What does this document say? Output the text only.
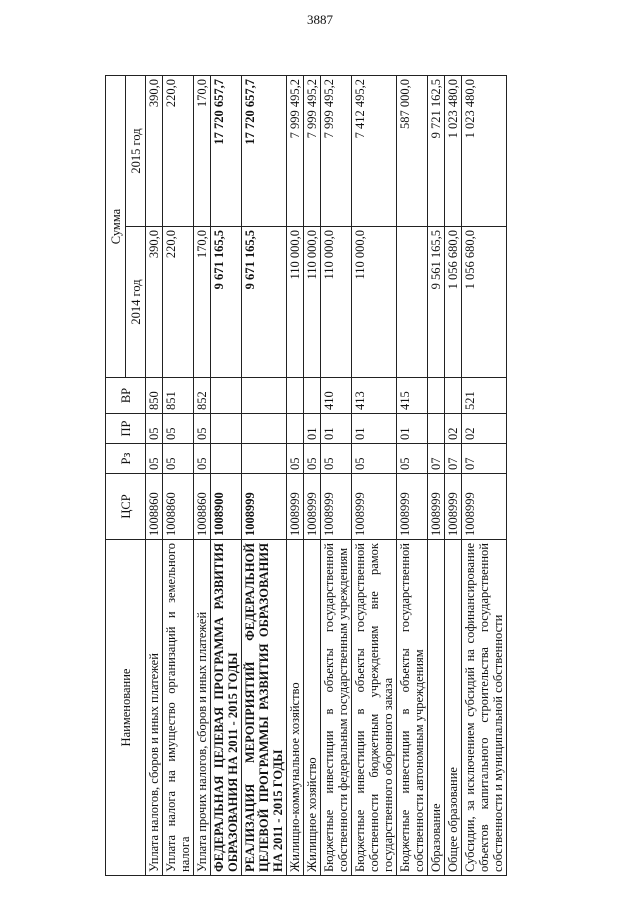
3887
Наименование	ЦСР	Рз	ПР	ВР	Сумма	
					2014 год	2015 год
Уплата налогов, сборов и иных платежей	1008860	05	05	850	390,0	390,0
Уплата налога на имущество организаций и земельного налога	1008860	05	05	851	220,0	220,0
Уплата прочих налогов, сборов и иных платежей	1008860	05	05	852	170,0	170,0
ФЕДЕРАЛЬНАЯ ЦЕЛЕВАЯ ПРОГРАММА РАЗВИТИЯ ОБРАЗОВАНИЯ НА 2011 - 2015 ГОДЫ	1008900				9 671 165,5	17 720 657,7
РЕАЛИЗАЦИЯ МЕРОПРИЯТИЙ ФЕДЕРАЛЬНОЙ ЦЕЛЕВОЙ ПРОГРАММЫ РАЗВИТИЯ ОБРАЗОВАНИЯ НА 2011 - 2015 ГОДЫ	1008999				9 671 165,5	17 720 657,7
Жилищно-коммунальное хозяйство	1008999	05			110 000,0	7 999 495,2
Жилищное хозяйство	1008999	05	01		110 000,0	7 999 495,2
Бюджетные инвестиции в объекты государственной собственности федеральным государственным учреждениям	1008999	05	01	410	110 000,0	7 999 495,2
Бюджетные инвестиции в объекты государственной собственности бюджетным учреждениям вне рамок государственного оборонного заказа	1008999	05	01	413	110 000,0	7 412 495,2
Бюджетные инвестиции в объекты государственной собственности автономным учреждениям	1008999	05	01	415		587 000,0
Образование	1008999	07			9 561 165,5	9 721 162,5
Общее образование	1008999	07	02		1 056 680,0	1 023 480,0
Субсидии, за исключением субсидий на софинансирование объектов капитального строительства государственной собственности и муниципальной собственности	1008999	07	02	521	1 056 680,0	1 023 480,0
